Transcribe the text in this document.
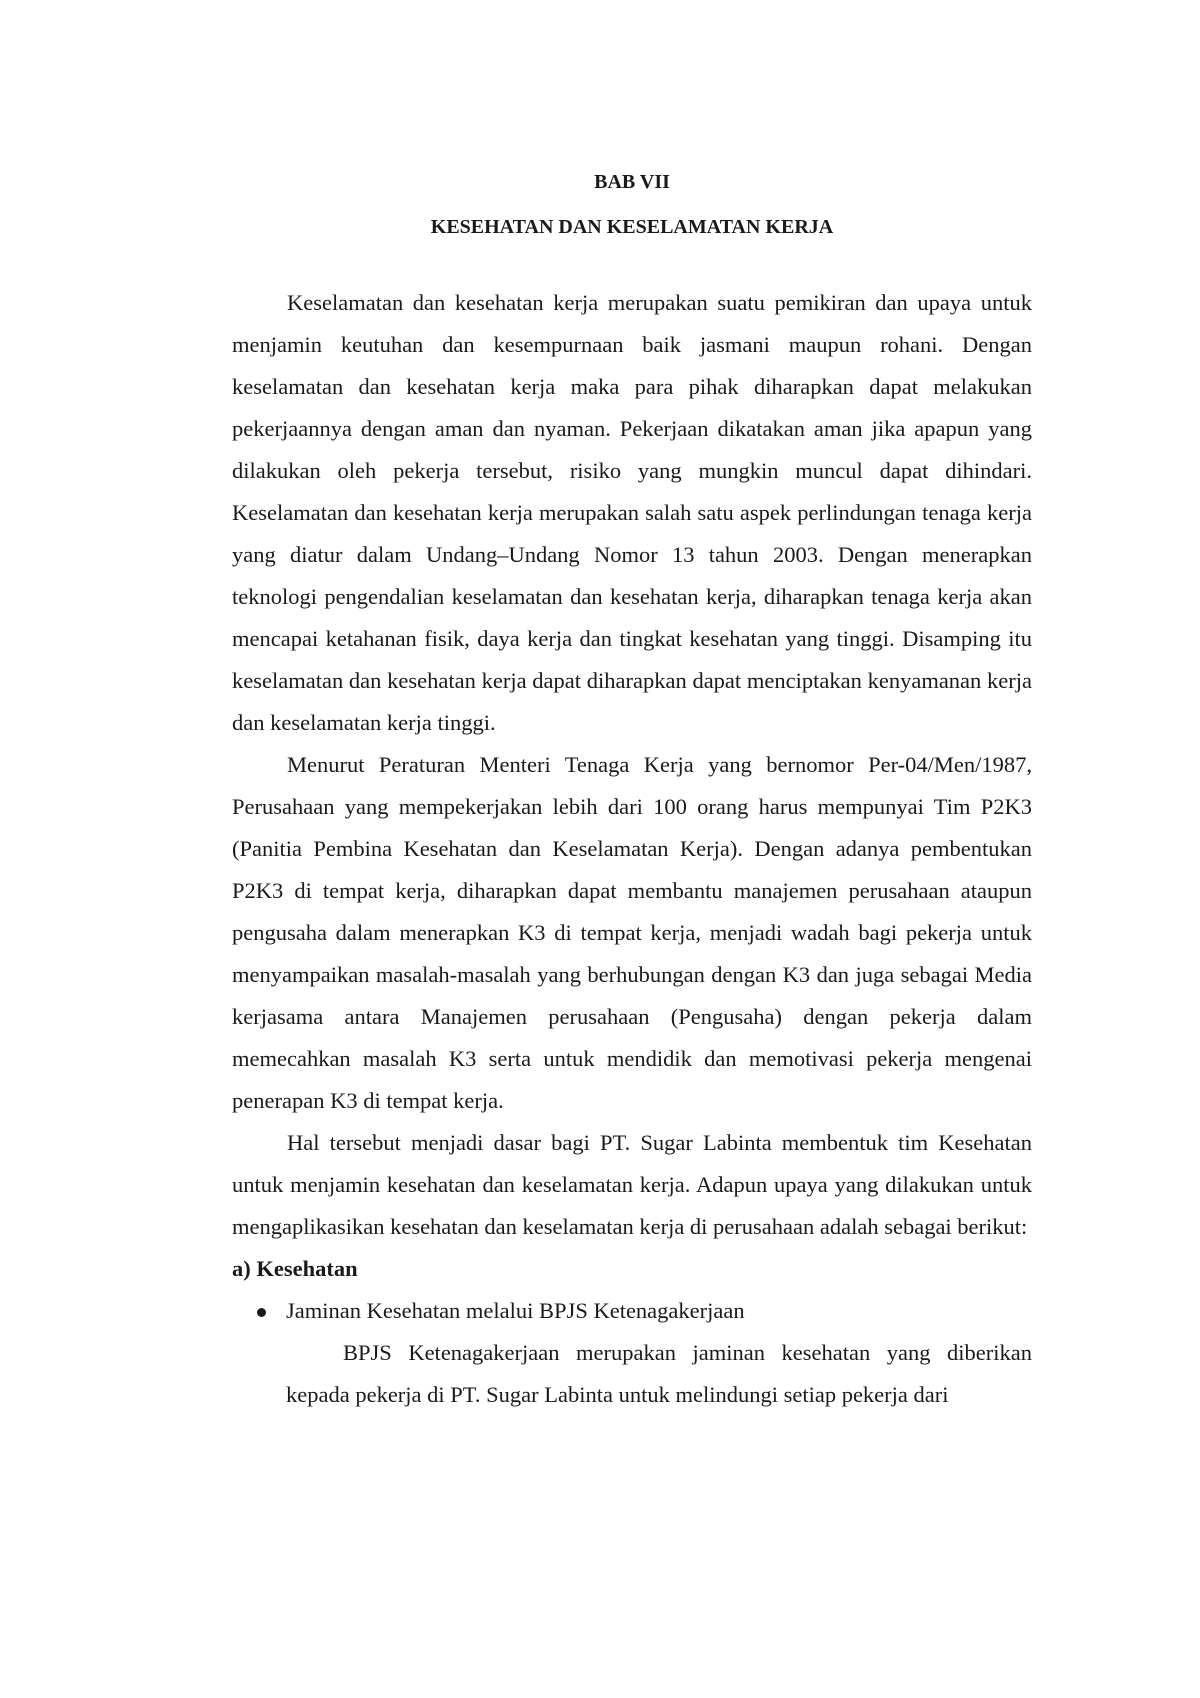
BAB VII
KESEHATAN DAN KESELAMATAN KERJA

Keselamatan dan kesehatan kerja merupakan suatu pemikiran dan upaya untuk menjamin keutuhan dan kesempurnaan baik jasmani maupun rohani. Dengan keselamatan dan kesehatan kerja maka para pihak diharapkan dapat melakukan pekerjaannya dengan aman dan nyaman. Pekerjaan dikatakan aman jika apapun yang dilakukan oleh pekerja tersebut, risiko yang mungkin muncul dapat dihindari. Keselamatan dan kesehatan kerja merupakan salah satu aspek perlindungan tenaga kerja yang diatur dalam Undang–Undang Nomor 13 tahun 2003. Dengan menerapkan teknologi pengendalian keselamatan dan kesehatan kerja, diharapkan tenaga kerja akan mencapai ketahanan fisik, daya kerja dan tingkat kesehatan yang tinggi. Disamping itu keselamatan dan kesehatan kerja dapat diharapkan dapat menciptakan kenyamanan kerja dan keselamatan kerja tinggi.

Menurut Peraturan Menteri Tenaga Kerja yang bernomor Per-04/Men/1987, Perusahaan yang mempekerjakan lebih dari 100 orang harus mempunyai Tim P2K3 (Panitia Pembina Kesehatan dan Keselamatan Kerja). Dengan adanya pembentukan P2K3 di tempat kerja, diharapkan dapat membantu manajemen perusahaan ataupun pengusaha dalam menerapkan K3 di tempat kerja, menjadi wadah bagi pekerja untuk menyampaikan masalah-masalah yang berhubungan dengan K3 dan juga sebagai Media kerjasama antara Manajemen perusahaan (Pengusaha) dengan pekerja dalam memecahkan masalah K3 serta untuk mendidik dan memotivasi pekerja mengenai penerapan K3 di tempat kerja.

Hal tersebut menjadi dasar bagi PT. Sugar Labinta membentuk tim Kesehatan untuk menjamin kesehatan dan keselamatan kerja. Adapun upaya yang dilakukan untuk mengaplikasikan kesehatan dan keselamatan kerja di perusahaan adalah sebagai berikut:

a) Kesehatan

Jaminan Kesehatan melalui BPJS Ketenagakerjaan

BPJS Ketenagakerjaan merupakan jaminan kesehatan yang diberikan kepada pekerja di PT. Sugar Labinta untuk melindungi setiap pekerja dari
